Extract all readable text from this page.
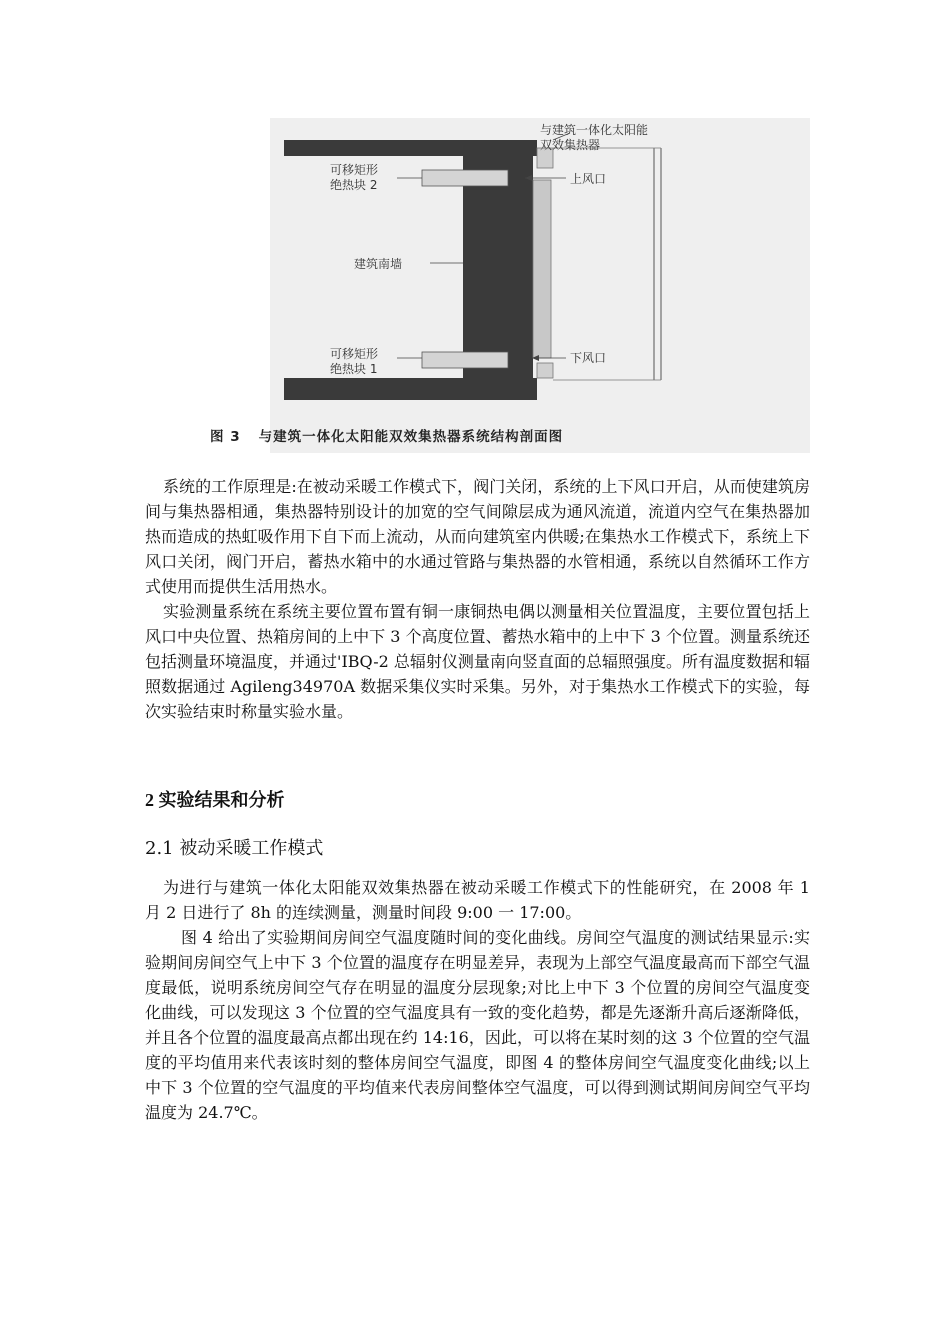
与建筑一体化太阳能
双效集热器
可移矩形
绝热块 2	上风口
建筑南墙
可移矩形
绝热块 1
下风口
图 3 与建筑一体化太阳能双效集热器系统结构剖面图

系统的工作原理是:在被动采暖工作模式下，阀门关闭，系统的上下风口开启，从而使建筑房间与集热器相通，集热器特别设计的加宽的空气间隙层成为通风流道，流道内空气在集热器加热而造成的热虹吸作用下自下而上流动，从而向建筑室内供暖;在集热水工作模式下，系统上下风口关闭，阀门开启，蓄热水箱中的水通过管路与集热器的水管相通，系统以自然循环工作方式使用而提供生活用热水。

实验测量系统在系统主要位置布置有铜一康铜热电偶以测量相关位置温度，主要位置包括上风口中央位置、热箱房间的上中下 3 个高度位置、蓄热水箱中的上中下 3 个位置。测量系统还包括测量环境温度，并通过'IBQ-2 总辐射仪测量南向竖直面的总辐照强度。所有温度数据和辐照数据通过 Agileng34970A 数据采集仪实时采集。另外，对于集热水工作模式下的实验，每次实验结束时称量实验水量。

2 实验结果和分析
2.1 被动采暖工作模式

为进行与建筑一体化太阳能双效集热器在被动采暖工作模式下的性能研究，在 2008 年 1 月 2 日进行了 8h 的连续测量，测量时间段 9:00 一 17:00。

图 4 给出了实验期间房间空气温度随时间的变化曲线。房间空气温度的测试结果显示:实验期间房间空气上中下 3 个位置的温度存在明显差异，表现为上部空气温度最高而下部空气温度最低，说明系统房间空气存在明显的温度分层现象;对比上中下 3 个位置的房间空气温度变化曲线，可以发现这 3 个位置的空气温度具有一致的变化趋势，都是先逐渐升高后逐渐降低，并且各个位置的温度最高点都出现在约 14:16，因此，可以将在某时刻的这 3 个位置的空气温度的平均值用来代表该时刻的整体房间空气温度，即图 4 的整体房间空气温度变化曲线;以上中下 3 个位置的空气温度的平均值来代表房间整体空气温度，可以得到测试期间房间空气平均温度为 24.7℃。
